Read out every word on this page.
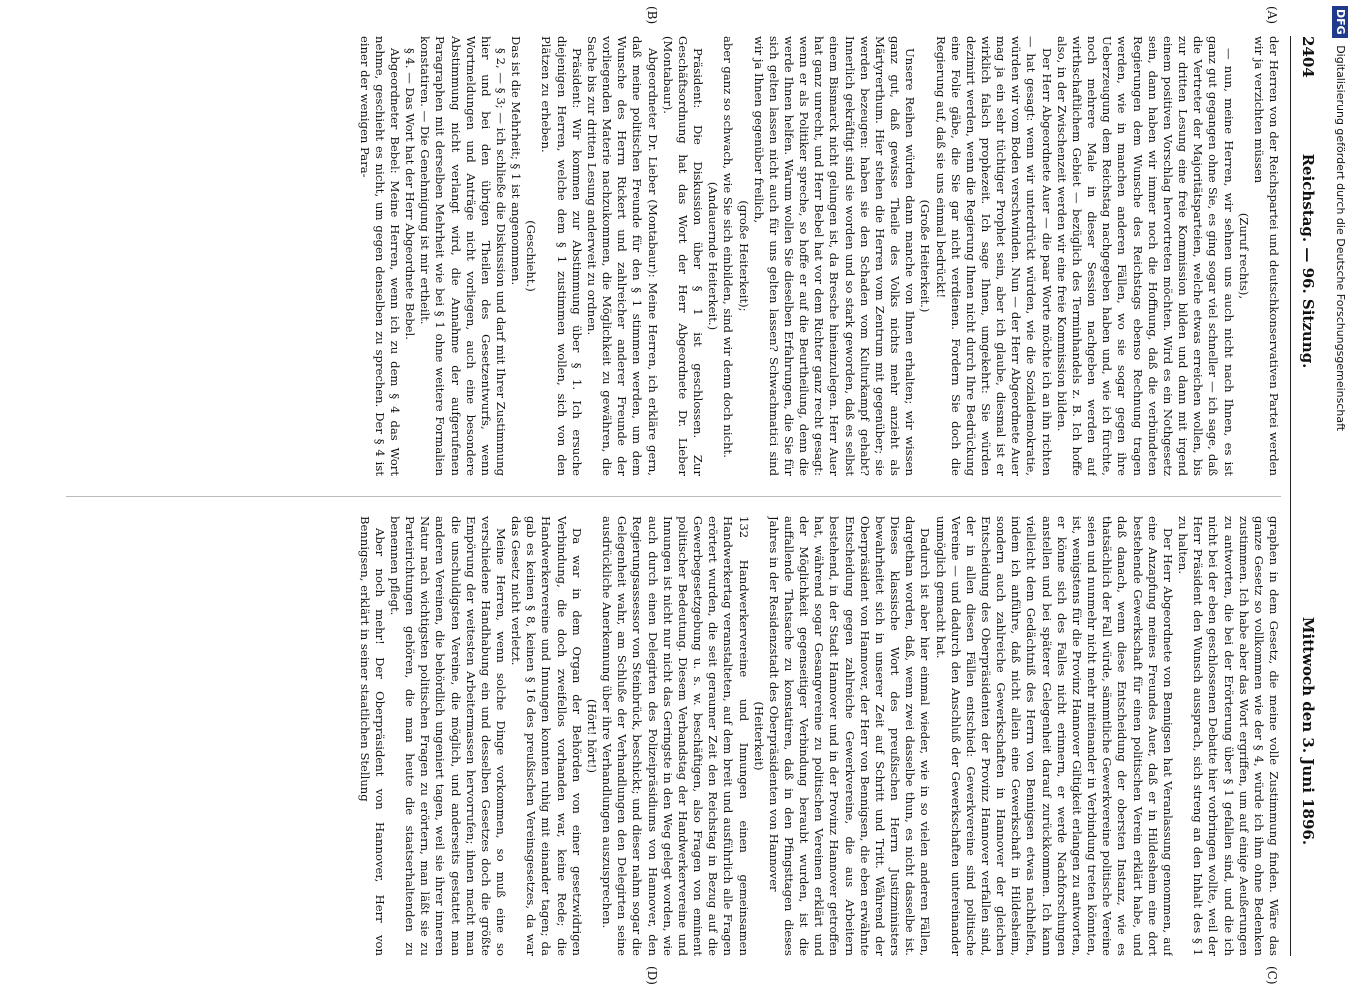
2404
Reichstag. — 96. Sitzung.
Mittwoch den 3. Juni 1896.
(A)
(B)
(C)
(D)

der Herren von der Reichspartei und deutschkonservativen Partei werden wir ja verzichten müssen

(Zuruf rechts),

— nun, meine Herren, wir sehnen uns auch nicht nach Ihnen, es ist ganz gut gegangen ohne Sie, es ging sogar viel schneller — ich sage, daß die Vertreter der Majoritätsparteien, welche etwas erreichen wollen, bis zur dritten Lesung eine freie Kommission bilden und dann mit irgend einem positiven Vorschlag hervortreten möchten. Wird es ein Nothgesetz sein, dann haben wir immer noch die Hoffnung, daß die verbündeten Regierungen dem Wunsche des Reichstags ebenso Rechnung tragen werden, wie in manchen anderen Fällen, wo sie sogar gegen ihre Ueberzeugung dem Reichstag nachgegeben haben und, wie ich fürchte, noch mehrere Male in dieser Session nachgeben werden auf wirthschaftlichem Gebiet — bezüglich des Terminhandels z. B. Ich hoffe also, in der Zwischenzeit werden wir eine freie Kommission bilden.

Der Herr Abgeordnete Auer — die paar Worte möchte ich an ihn richten — hat gesagt: wenn wir unterdrückt würden, wie die Sozialdemokratie, würden wir vom Boden verschwinden. Nun — der Herr Abgeordnete Auer mag ja ein sehr tüchtiger Prophet sein, aber ich glaube, diesmal ist er wirklich falsch prophezeit. Ich sage Ihnen, umgekehrt: Sie würden dezimirt werden, wenn die Regierung Ihnen nicht durch Ihre Bedrückung eine Folie gäbe, die Sie gar nicht verdienen. Fordern Sie doch die Regierung auf, daß sie uns einmal bedrückt!

(Große Heiterkeit.)

Unsere Reihen würden dann manche von Ihnen erhalten; wir wissen ganz gut, daß gewisse Theile des Volks nichts mehr anzieht als Märtyrerthum. Hier stehen die Herren vom Zentrum mit gegenüber; sie werden bezeugen: haben sie den Schaden vom Kulturkampf gehabt? Innerlich gekräftigt sind sie worden und so stark geworden, daß es selbst einem Bismarck nicht gelungen ist, da Bresche hineinzulegen. Herr Auer hat ganz unrecht, und Herr Bebel hat vor dem Richter ganz recht gesagt: wenn er als Politiker spreche, so hoffe er auf die Beurtheilung, denn die werde Ihnen helfen. Warum wollen Sie dieselben Erfahrungen, die Sie für sich gelten lassen nicht auch für uns gelten lassen? Schwachmatici sind wir ja Ihnen gegenüber freilich,

(große Heiterkeit);

aber ganz so schwach, wie Sie sich einbilden, sind wir denn doch nicht.

(Andauernde Heiterkeit.)

Präsident: Die Diskussion über § 1 ist geschlossen. Zur Geschäftsordnung hat das Wort der Herr Abgeordnete Dr. Lieber (Montabaur).

Abgeordneter Dr. Lieber (Montabaur): Meine Herren, ich erkläre gern, daß meine politischen Freunde für den § 1 stimmen werden, um dem Wunsche des Herrn Rickert und zahlreicher anderer Freunde der vorliegenden Materie nachzukommen, die Möglichkeit zu gewähren, die Sache bis zur dritten Lesung anderweit zu ordnen.

Präsident: Wir kommen zur Abstimmung über § 1. Ich ersuche diejenigen Herren, welche dem § 1 zustimmen wollen, sich von den Plätzen zu erheben.

(Geschieht.)

Das ist die Mehrheit; § 1 ist angenommen.

§ 2, — § 3; — ich schließe die Diskussion und darf mit Ihrer Zustimmung hier und bei den übrigen Theilen des Gesetzentwurfs, wenn Wortmeldungen und Anträge nicht vorliegen, auch eine besondere Abstimmung nicht verlangt wird, die Annahme der aufgerufenen Paragraphen mit derselben Mehrheit wie bei § 1 ohne weitere Formalien konstatiren. — Die Genehmigung ist mir ertheilt.

§ 4. — Das Wort hat der Herr Abgeordnete Bebel.

Abgeordneter Bebel: Meine Herren, wenn ich zu dem § 4 das Wort nehme, geschieht es nicht, um gegen denselben zu sprechen. Der § 4 ist einer der wenigen Para-

graphen in dem Gesetz, die meine volle Zustimmung finden. Wäre das ganze Gesetz so vollkommen wie der § 4, würde ich ihm ohne Bedenken zustimmen. Ich habe aber das Wort ergriffen, um auf einige Aeußerungen zu antworten, die bei der Erörterung über § 1 gefallen sind, und die ich nicht bei der eben geschlossenen Debatte hier vorbringen wollte, weil der Herr Präsident den Wunsch aussprach, sich streng an den Inhalt des § 1 zu halten.

Der Herr Abgeordnete von Bennigsen hat Veranlassung genommen, auf eine Anzapfung meines Freundes Auer, daß er in Hildesheim eine dort bestehende Gewerkschaft für einen politischen Verein erklärt habe, und daß danach, wenn diese Entscheidung der obersten Instanz, wie es thatsächlich der Fall würde, sämmtliche Gewerkvereine politische Vereine seien und nunmehr nicht mehr miteinander in Verbindung treten könnten, ist, wenigstens für die Provinz Hannover Giltigkeit erlangen zu antworten, er könne sich des Falles nicht erinnern, er werde Nachforschungen anstellen und bei späterer Gelegenheit darauf zurückkommen. Ich kann vielleicht dem Gedächtniß des Herrn von Bennigsen etwas nachhelfen, indem ich anführe, daß nicht allein eine Gewerkschaft in Hildesheim, sondern auch zahlreiche Gewerkschaften in Hannover der gleichen Entscheidung des Oberpräsidenten der Provinz Hannover verfallen sind, der in allen diesen Fällen entschied: Gewerkvereine sind politische Vereine — und dadurch den Anschluß der Gewerkschaften untereinander unmöglich gemacht hat.

Dadurch ist aber hier einmal wieder, wie in so vielen anderen Fällen, dargethan worden, daß, wenn zwei dasselbe thun, es nicht dasselbe ist. Dieses klassische Wort des preußischen Herrn Justizministers bewahrheitet sich in unserer Zeit auf Schritt und Tritt. Während der Oberpräsident von Hannover, der Herr von Bennigsen, die eben erwähnte Entscheidung gegen zahlreiche Gewerkvereine, die aus Arbeitern bestehend, in der Stadt Hannover und in der Provinz Hannover getroffen hat, während sogar Gesangvereine zu politischen Vereinen erklärt und der Möglichkeit gegenseitiger Verbindung beraubt wurden, ist die auffallende Thatsache zu konstatiren, daß in den Pfingsttagen dieses Jahres in der Residenzstadt des Oberpräsidenten von Hannover

(Heiterkeit)

132 Handwerkervereine und Innungen einen gemeinsamen Handwerkertag veranstalteten, auf dem breit und ausführlich alle Fragen erörtert wurden, die seit geraumer Zeit den Reichstag in Bezug auf die Gewerbegesetzgebung u. s. w. beschäftigen, also Fragen von eminent politischer Bedeutung. Diesem Verbandstag der Handwerkervereine und Innungen ist nicht nur nicht das Geringste in den Weg gelegt worden, wie auch durch einen Delegirten des Polizeipräsidiums von Hannover, den Regierungsassessor von Steinbrück, beschickt; und dieser nahm sogar die Gelegenheit wahr, am Schluße der Verhandlungen den Delegirten seine ausdrückliche Anerkennung über ihre Verhandlungen auszusprechen.

(Hört! hört!)

Da war in dem Organ der Behörden von einer gesetzwidrigen Verbindung, die doch zweifellos vorhanden war, keine Rede; die Handwerkervereine und Innungen konnten ruhig mit einander tagen; da gab es keinen § 8, keinen § 16 des preußischen Vereinsgesetzes, da war das Gesetz nicht verletzt.

Meine Herren, wenn solche Dinge vorkommen, so muß eine so verschiedene Handhabung ein und desselben Gesetzes doch die größte Empörung der weitesten Arbeitermassen hervorrufen; ihnen macht man die unschuldigsten Vereine, die möglich, und anderseits gestattet man anderen Vereinen, die behördlich ungeniert tagen, weil sie ihrer inneren Natur nach wichtigsten politischen Fragen zu erörtern, man läßt sie zu Parteirichtungen gehören, die man heute die staatserhaltenden zu benennen pflegt.

Aber noch mehr! Der Oberpräsident von Hannover, Herr von Bennigsen, erklärt in seiner staatlichen Stellung

DFG Digitalisierung gefördert durch die Deutsche Forschungsgemeinschaft
